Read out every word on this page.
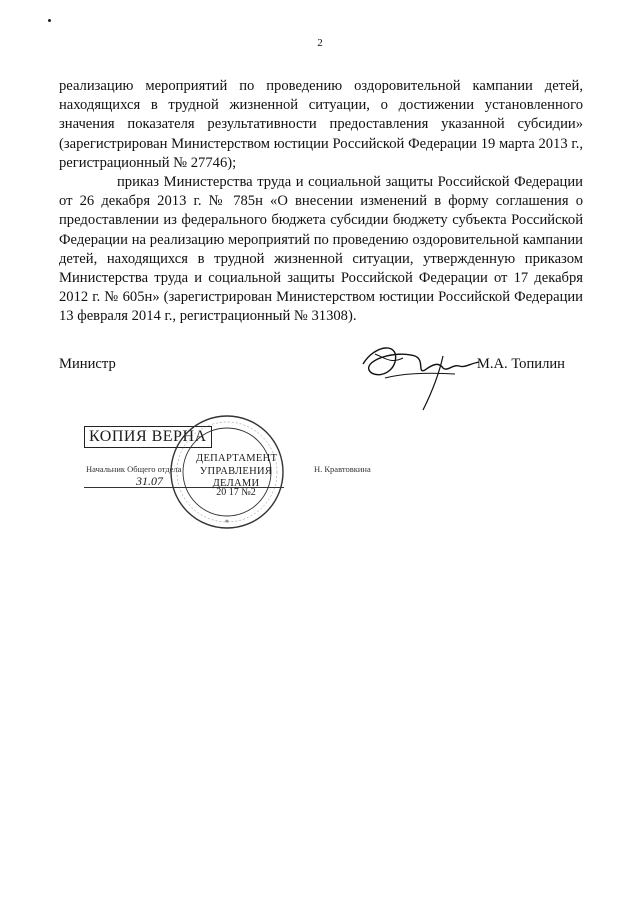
2

реализацию мероприятий по проведению оздоровительной кампании детей, находящихся в трудной жизненной ситуации, о достижении установленного значения показателя результативности предоставления указанной субсидии» (зарегистрирован Министерством юстиции Российской Федерации 19 марта 2013 г., регистрационный № 27746);

приказ Министерства труда и социальной защиты Российской Федерации от 26 декабря 2013 г. № 785н «О внесении изменений в форму соглашения о предоставлении из федерального бюджета субсидии бюджету субъекта Российской Федерации на реализацию мероприятий по проведению оздоровительной кампании детей, находящихся в трудной жизненной ситуации, утвержденную приказом Министерства труда и социальной защиты Российской Федерации от 17 декабря 2012 г. № 605н» (зарегистрирован Министерством юстиции Российской Федерации 13 февраля 2014 г., регистрационный № 31308).

Министр	М.А. Топилин
КОПИЯ ВЕРНА
Начальник Общего отдела	Н. Кравтовкина
31.07
*
ДЕПАРТАМЕНТ УПРАВЛЕНИЯ ДЕЛАМИ
20 17 №2
